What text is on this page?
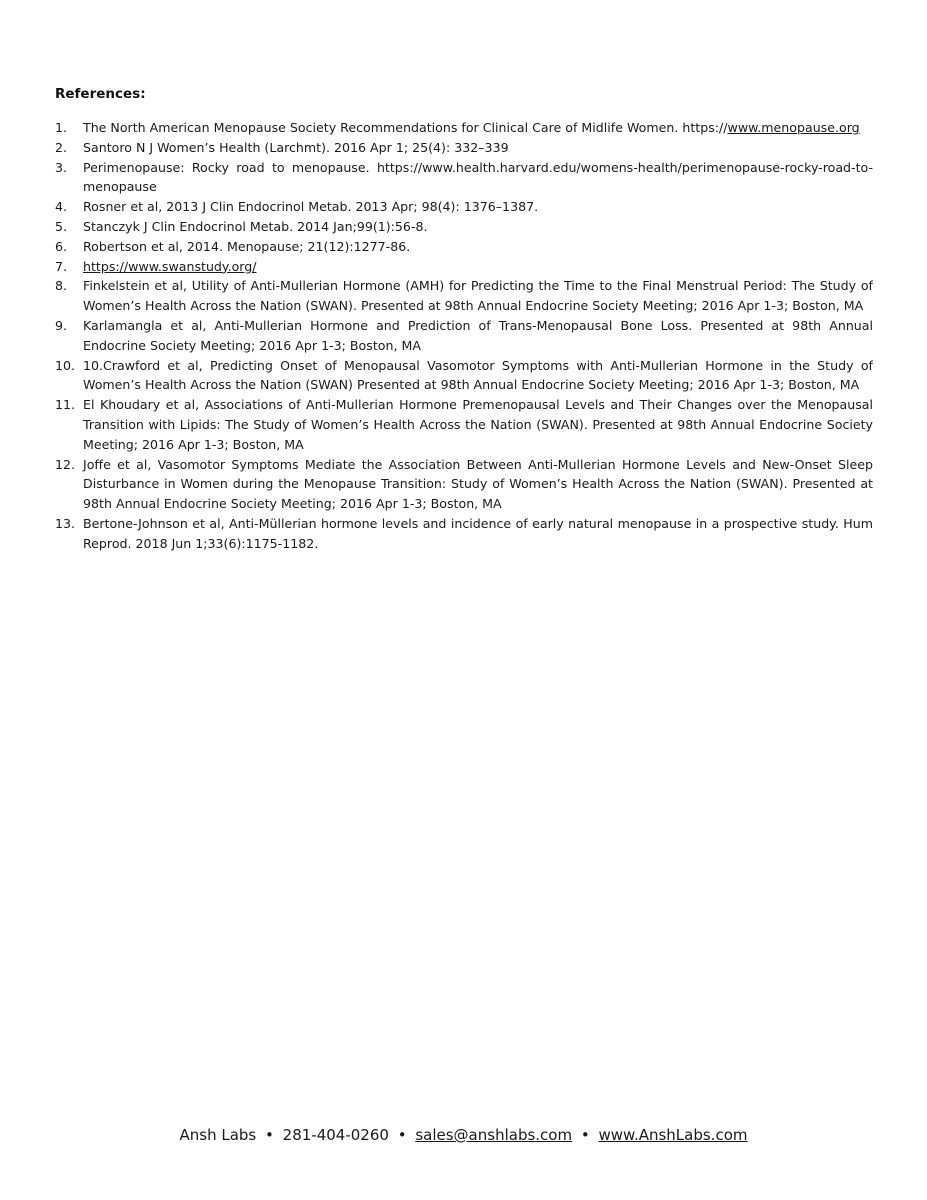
References:
1.	The North American Menopause Society Recommendations for Clinical Care of Midlife Women. https://www.menopause.org
2.	Santoro N J Women’s Health (Larchmt). 2016 Apr 1; 25(4): 332–339
3.	Perimenopause: Rocky road to menopause. https://www.health.harvard.edu/womens-health/perimenopause-rocky-road-to-menopause
4.	Rosner et al, 2013 J Clin Endocrinol Metab. 2013 Apr; 98(4): 1376–1387.
5.	Stanczyk J Clin Endocrinol Metab. 2014 Jan;99(1):56-8.
6.	Robertson et al, 2014. Menopause; 21(12):1277-86.
7.	https://www.swanstudy.org/
8.	Finkelstein et al, Utility of Anti-Mullerian Hormone (AMH) for Predicting the Time to the Final Menstrual Period: The Study of Women’s Health Across the Nation (SWAN). Presented at 98th Annual Endocrine Society Meeting; 2016 Apr 1-3; Boston, MA
9.	Karlamangla et al, Anti-Mullerian Hormone and Prediction of Trans-Menopausal Bone Loss. Presented at 98th Annual Endocrine Society Meeting; 2016 Apr 1-3; Boston, MA
10. 10.Crawford et al, Predicting Onset of Menopausal Vasomotor Symptoms with Anti-Mullerian Hormone in the Study of Women’s Health Across the Nation (SWAN) Presented at 98th Annual Endocrine Society Meeting; 2016 Apr 1-3; Boston, MA
11. El Khoudary et al, Associations of Anti-Mullerian Hormone Premenopausal Levels and Their Changes over the Menopausal Transition with Lipids: The Study of Women’s Health Across the Nation (SWAN). Presented at 98th Annual Endocrine Society Meeting; 2016 Apr 1-3; Boston, MA
12. Joffe et al, Vasomotor Symptoms Mediate the Association Between Anti-Mullerian Hormone Levels and New-Onset Sleep Disturbance in Women during the Menopause Transition: Study of Women’s Health Across the Nation (SWAN). Presented at 98th Annual Endocrine Society Meeting; 2016 Apr 1-3; Boston, MA
13. Bertone-Johnson et al, Anti-Müllerian hormone levels and incidence of early natural menopause in a prospective study. Hum Reprod. 2018 Jun 1;33(6):1175-1182.
Ansh Labs • 281-404-0260 • sales@anshlabs.com • www.AnshLabs.com
